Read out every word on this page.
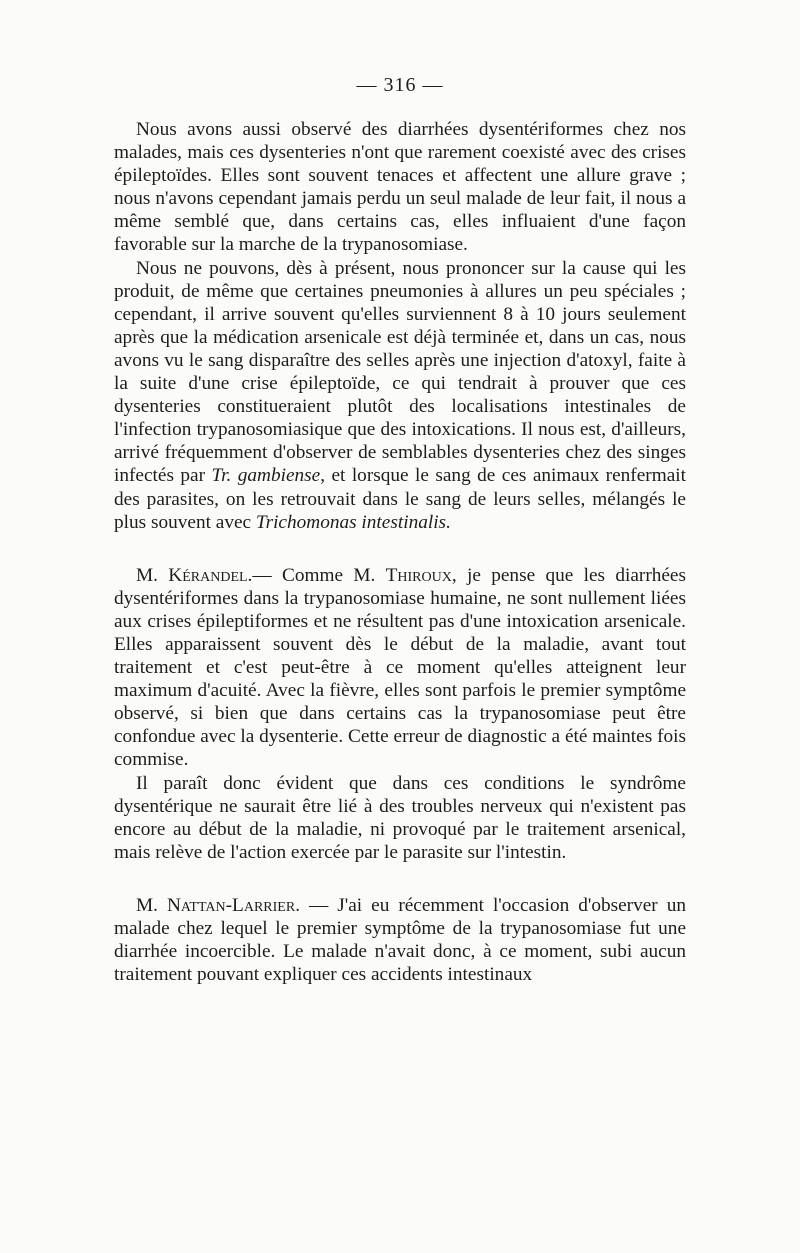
— 316 —

Nous avons aussi observé des diarrhées dysentériformes chez nos malades, mais ces dysenteries n'ont que rarement coexisté avec des crises épileptoïdes. Elles sont souvent tenaces et affectent une allure grave ; nous n'avons cependant jamais perdu un seul malade de leur fait, il nous a même semblé que, dans certains cas, elles influaient d'une façon favorable sur la marche de la trypanosomiase.

Nous ne pouvons, dès à présent, nous prononcer sur la cause qui les produit, de même que certaines pneumonies à allures un peu spéciales ; cependant, il arrive souvent qu'elles surviennent 8 à 10 jours seulement après que la médication arsenicale est déjà terminée et, dans un cas, nous avons vu le sang disparaître des selles après une injection d'atoxyl, faite à la suite d'une crise épileptoïde, ce qui tendrait à prouver que ces dysenteries constitueraient plutôt des localisations intestinales de l'infection trypanosomiasique que des intoxications. Il nous est, d'ailleurs, arrivé fréquemment d'observer de semblables dysenteries chez des singes infectés par Tr. gambiense, et lorsque le sang de ces animaux renfermait des parasites, on les retrouvait dans le sang de leurs selles, mélangés le plus souvent avec Trichomonas intestinalis.

M. Kérandel.— Comme M. Thiroux, je pense que les diarrhées dysentériformes dans la trypanosomiase humaine, ne sont nullement liées aux crises épileptiformes et ne résultent pas d'une intoxication arsenicale. Elles apparaissent souvent dès le début de la maladie, avant tout traitement et c'est peut-être à ce moment qu'elles atteignent leur maximum d'acuité. Avec la fièvre, elles sont parfois le premier symptôme observé, si bien que dans certains cas la trypanosomiase peut être confondue avec la dysenterie. Cette erreur de diagnostic a été maintes fois commise.

Il paraît donc évident que dans ces conditions le syndrôme dysentérique ne saurait être lié à des troubles nerveux qui n'existent pas encore au début de la maladie, ni provoqué par le traitement arsenical, mais relève de l'action exercée par le parasite sur l'intestin.

M. Nattan-Larrier. — J'ai eu récemment l'occasion d'observer un malade chez lequel le premier symptôme de la trypanosomiase fut une diarrhée incoercible. Le malade n'avait donc, à ce moment, subi aucun traitement pouvant expliquer ces accidents intestinaux
